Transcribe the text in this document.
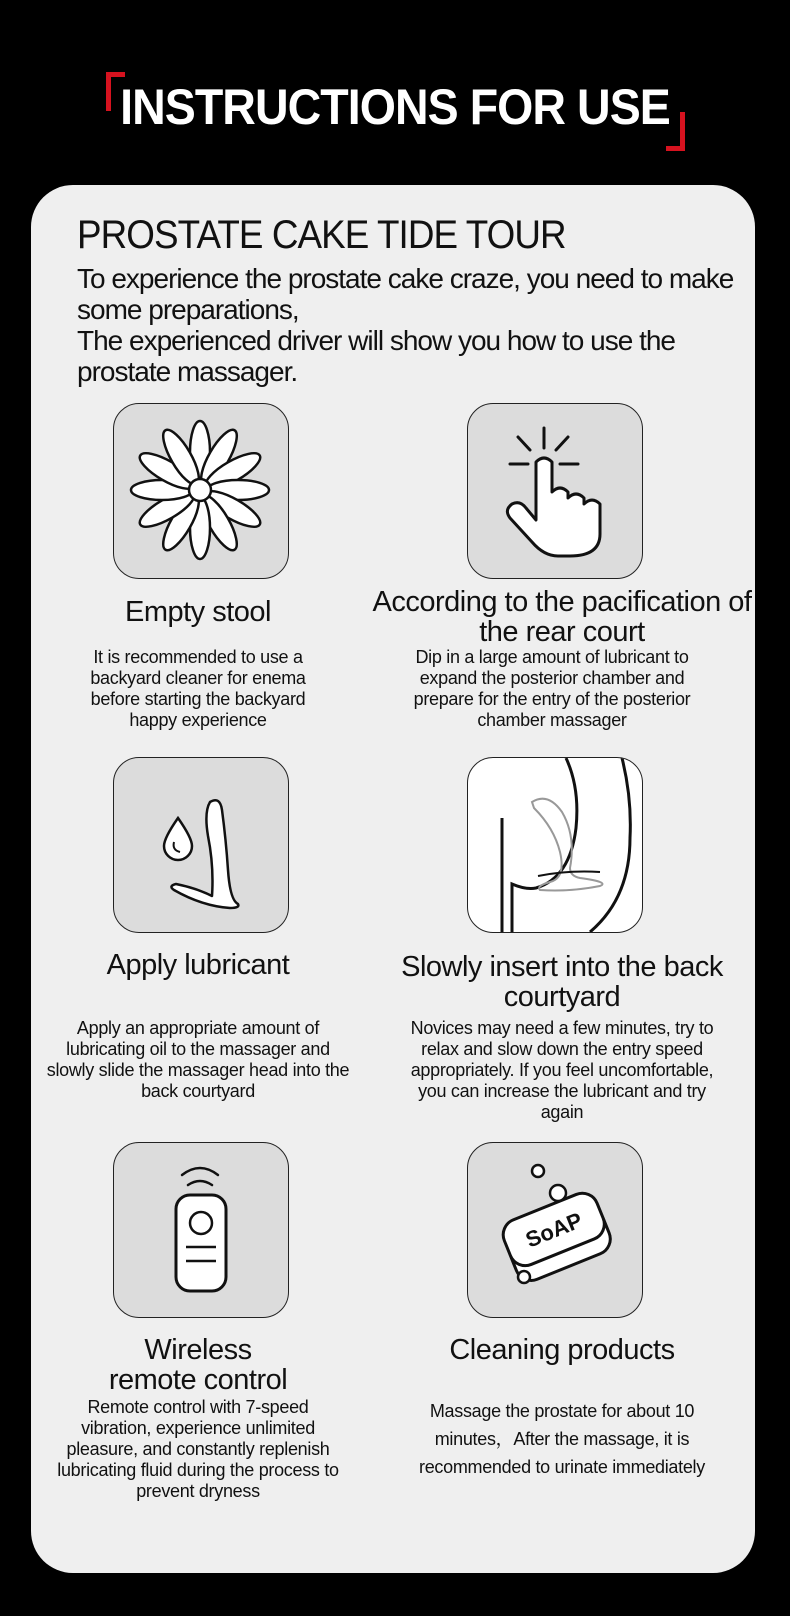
INSTRUCTIONS FOR USE
PROSTATE CAKE TIDE TOUR

To experience the prostate cake craze, you need to make some preparations,

The experienced driver will show you how to use the prostate massager.

Empty stool
It is recommended to use a backyard cleaner for enema before starting the backyard happy experience
According to the pacification of the rear court
Dip in a large amount of lubricant to expand the posterior chamber and prepare for the entry of the posterior chamber massager
Apply lubricant
Apply an appropriate amount of lubricating oil to the massager and slowly slide the massager head into the back courtyard
Slowly insert into the back courtyard
Novices may need a few minutes, try to relax and slow down the entry speed appropriately. If you feel uncomfortable, you can increase the lubricant and try again
Wireless remote control
Remote control with 7-speed vibration, experience unlimited pleasure, and constantly replenish lubricating fluid during the process to prevent dryness
SoAP
Cleaning products
Massage the prostate for about 10 minutes，After the massage, it is recommended to urinate immediately
